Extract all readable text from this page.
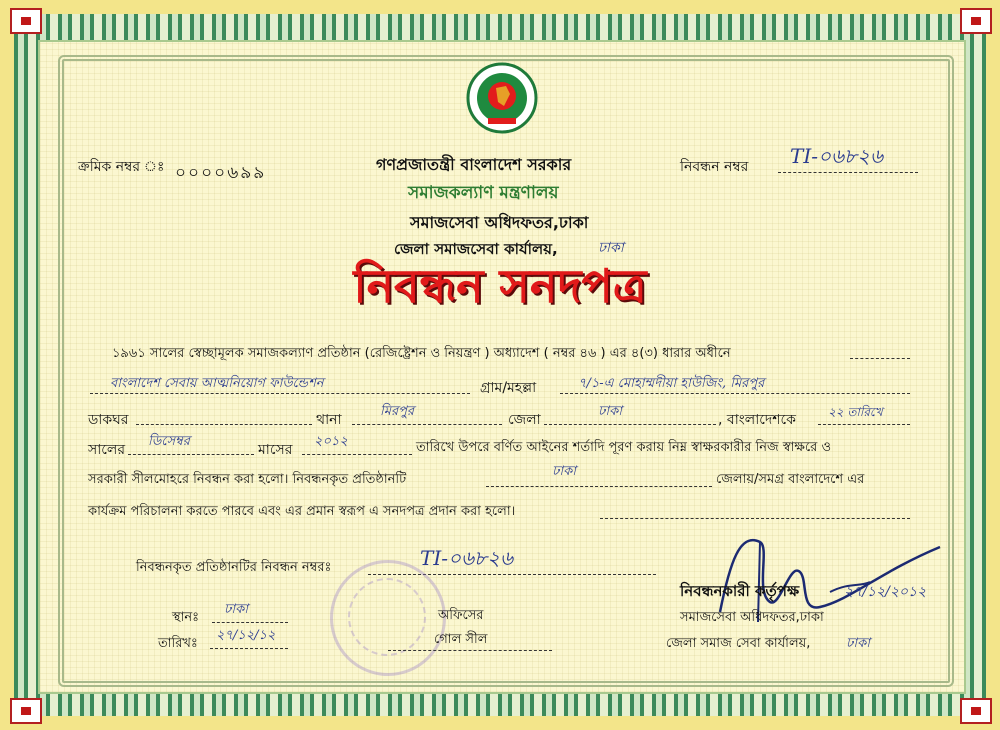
ক্রমিক নম্বর ঃ ০০০০৬৯৯	নিবন্ধন নম্বর TI-০৬৮২৬
গণপ্রজাতন্ত্রী বাংলাদেশ সরকার
সমাজকল্যাণ মন্ত্রণালয়
সমাজসেবা অধিদফতর,ঢাকা
জেলা সমাজসেবা কার্যালয়,	ঢাকা
নিবন্ধন সনদপত্র
১৯৬১ সালের স্বেচ্ছামূলক সমাজকল্যাণ প্রতিষ্ঠান (রেজিষ্ট্রেশন ও নিয়ন্ত্রণ ) অধ্যাদেশ ( নম্বর ৪৬ ) এর ৪(৩) ধারার অধীনে
বাংলাদেশ সেবায় আত্মনিয়োগ ফাউন্ডেশন	গ্রাম/মহল্লা	৭/১-এ মোহাম্মদীয়া হাউজিং, মিরপুর
ডাকঘর	থানা
মিরপুর
জেলা
ঢাকা
, বাংলাদেশকে	২২ তারিখে
সালের
ডিসেম্বর
মাসের
২০১২	তারিখে উপরে বর্ণিত আইনের শর্তাদি পূরণ করায় নিম্ন স্বাক্ষরকারীর নিজ স্বাক্ষরে ও
সরকারী সীলমোহরে নিবন্ধন করা হলো। নিবন্ধনকৃত প্রতিষ্ঠানটি
ঢাকা
জেলায়/সমগ্র বাংলাদেশে এর
কার্যক্রম পরিচালনা করতে পারবে এবং এর প্রমান স্বরূপ এ সনদপত্র প্রদান করা হলো।
নিবন্ধনকৃত প্রতিষ্ঠানটির নিবন্ধন নম্বরঃ	TI-০৬৮২৬
স্থানঃ
ঢাকা
তারিখঃ
২৭/১২/১২
অফিসের
গোল সীল
২৭/১২/২০১২
নিবন্ধনকারী কর্তৃপক্ষ
সমাজসেবা অধিদফতর,ঢাকা
জেলা সমাজ সেবা কার্যালয়,	ঢাকা
